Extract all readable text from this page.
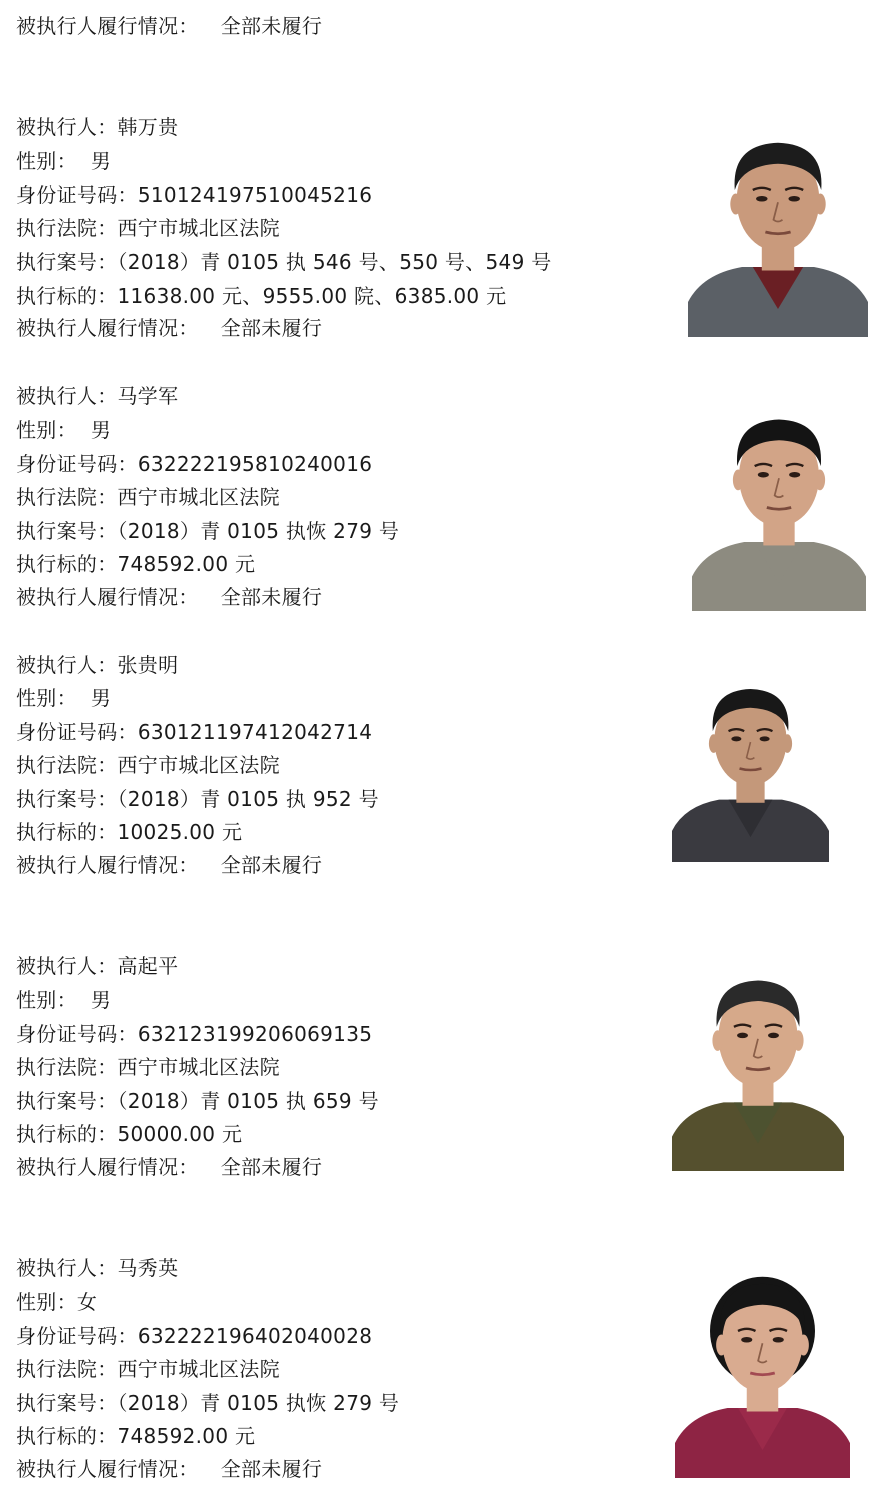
被执行人履行情况： 全部未履行
被执行人：韩万贵
性别： 男
身份证号码：510124197510045216
执行法院：西宁市城北区法院
执行案号：（2018）青 0105 执 546 号、550 号、549 号
执行标的：11638.00 元、9555.00 院、6385.00 元
被执行人履行情况： 全部未履行
被执行人：马学军
性别： 男
身份证号码：632222195810240016
执行法院：西宁市城北区法院
执行案号：（2018）青 0105 执恢 279 号
执行标的：748592.00 元
被执行人履行情况： 全部未履行
被执行人：张贵明
性别： 男
身份证号码：630121197412042714
执行法院：西宁市城北区法院
执行案号：（2018）青 0105 执 952 号
执行标的：10025.00 元
被执行人履行情况： 全部未履行
被执行人：高起平
性别： 男
身份证号码：632123199206069135
执行法院：西宁市城北区法院
执行案号：（2018）青 0105 执 659 号
执行标的：50000.00 元
被执行人履行情况： 全部未履行
被执行人：马秀英
性别：女
身份证号码：632222196402040028
执行法院：西宁市城北区法院
执行案号：（2018）青 0105 执恢 279 号
执行标的：748592.00 元
被执行人履行情况： 全部未履行
